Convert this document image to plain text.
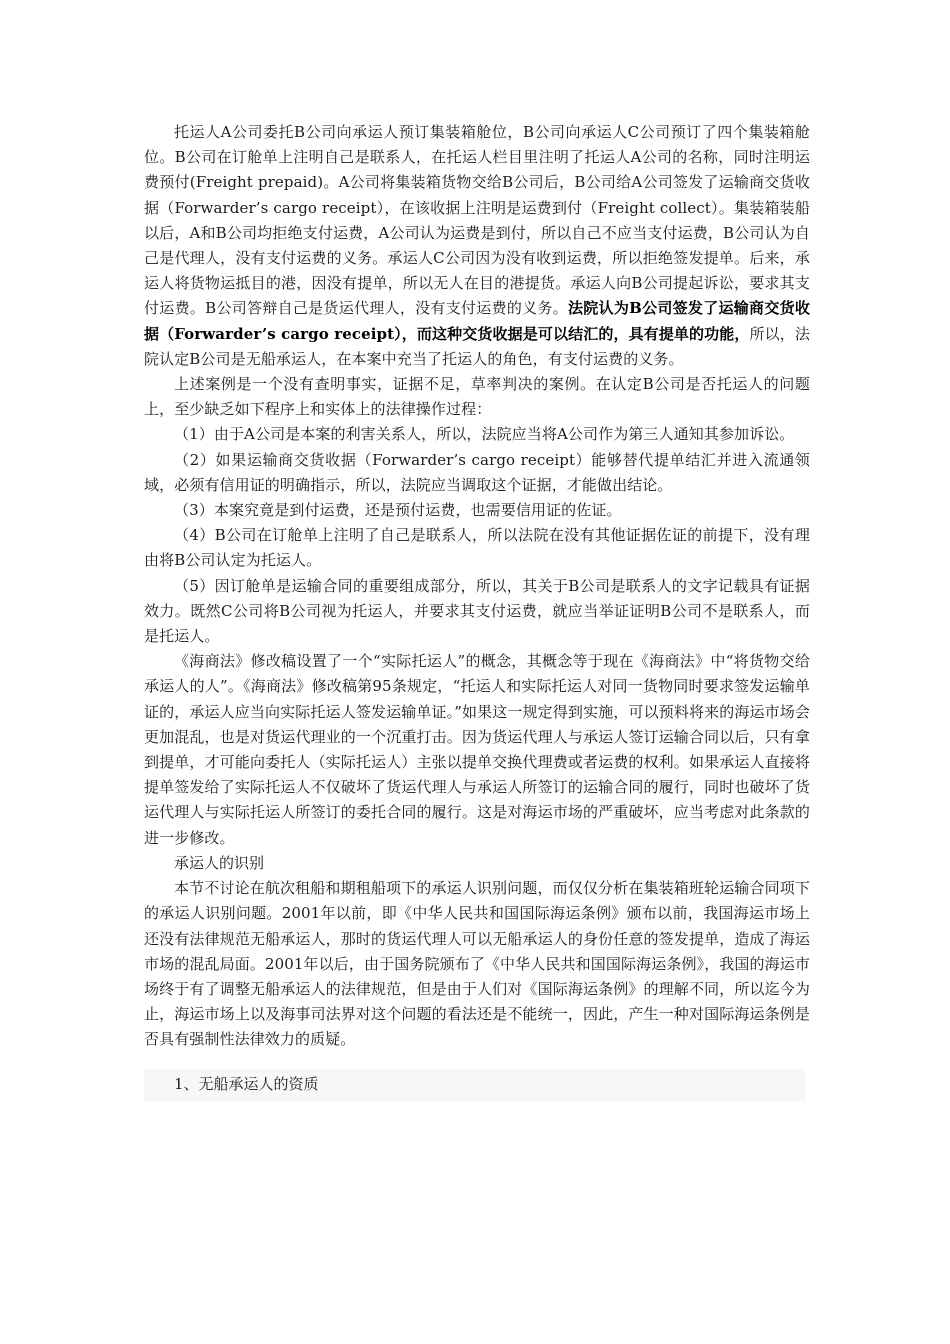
托运人A公司委托B公司向承运人预订集装箱舱位，B公司向承运人C公司预订了四个集装箱舱位。B公司在订舱单上注明自己是联系人，在托运人栏目里注明了托运人A公司的名称，同时注明运费预付(Freight prepaid)。A公司将集装箱货物交给B公司后，B公司给A公司签发了运输商交货收据（Forwarder’s cargo receipt），在该收据上注明是运费到付（Freight collect）。集装箱装船以后，A和B公司均拒绝支付运费，A公司认为运费是到付，所以自己不应当支付运费，B公司认为自己是代理人，没有支付运费的义务。承运人C公司因为没有收到运费，所以拒绝签发提单。后来，承运人将货物运抵目的港，因没有提单，所以无人在目的港提货。承运人向B公司提起诉讼，要求其支付运费。B公司答辩自己是货运代理人，没有支付运费的义务。法院认为B公司签发了运输商交货收据（Forwarder’s cargo receipt），而这种交货收据是可以结汇的，具有提单的功能，所以，法院认定B公司是无船承运人，在本案中充当了托运人的角色，有支付运费的义务。

上述案例是一个没有查明事实，证据不足，草率判决的案例。在认定B公司是否托运人的问题上，至少缺乏如下程序上和实体上的法律操作过程：

（1）由于A公司是本案的利害关系人，所以，法院应当将A公司作为第三人通知其参加诉讼。

（2）如果运输商交货收据（Forwarder’s cargo receipt）能够替代提单结汇并进入流通领域，必须有信用证的明确指示，所以，法院应当调取这个证据，才能做出结论。

（3）本案究竟是到付运费，还是预付运费，也需要信用证的佐证。

（4）B公司在订舱单上注明了自己是联系人，所以法院在没有其他证据佐证的前提下，没有理由将B公司认定为托运人。

（5）因订舱单是运输合同的重要组成部分，所以，其关于B公司是联系人的文字记载具有证据效力。既然C公司将B公司视为托运人，并要求其支付运费，就应当举证证明B公司不是联系人，而是托运人。

《海商法》修改稿设置了一个“实际托运人”的概念，其概念等于现在《海商法》中“将货物交给承运人的人”。《海商法》修改稿第95条规定，“托运人和实际托运人对同一货物同时要求签发运输单证的，承运人应当向实际托运人签发运输单证。”如果这一规定得到实施，可以预料将来的海运市场会更加混乱，也是对货运代理业的一个沉重打击。因为货运代理人与承运人签订运输合同以后，只有拿到提单，才可能向委托人（实际托运人）主张以提单交换代理费或者运费的权利。如果承运人直接将提单签发给了实际托运人不仅破坏了货运代理人与承运人所签订的运输合同的履行，同时也破坏了货运代理人与实际托运人所签订的委托合同的履行。这是对海运市场的严重破坏，应当考虑对此条款的进一步修改。

承运人的识别

本节不讨论在航次租船和期租船项下的承运人识别问题，而仅仅分析在集装箱班轮运输合同项下的承运人识别问题。2001年以前，即《中华人民共和国国际海运条例》颁布以前，我国海运市场上还没有法律规范无船承运人，那时的货运代理人可以无船承运人的身份任意的签发提单，造成了海运市场的混乱局面。2001年以后，由于国务院颁布了《中华人民共和国国际海运条例》，我国的海运市场终于有了调整无船承运人的法律规范，但是由于人们对《国际海运条例》的理解不同，所以迄今为止，海运市场上以及海事司法界对这个问题的看法还是不能统一，因此，产生一种对国际海运条例是否具有强制性法律效力的质疑。

1、无船承运人的资质
